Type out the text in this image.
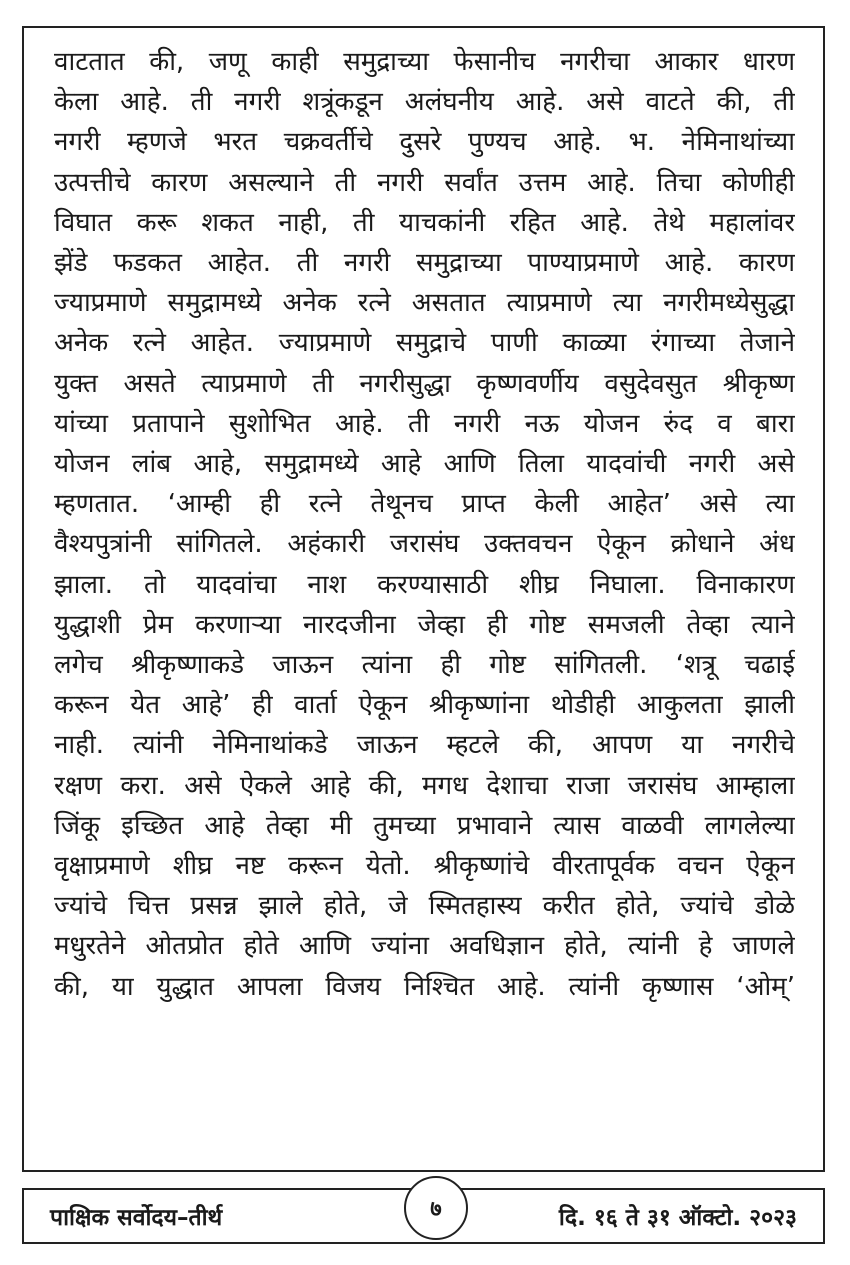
वाटतात की, जणू काही समुद्राच्या फेसानीच नगरीचा आकार धारण
केला आहे. ती नगरी शत्रूंकडून अलंघनीय आहे. असे वाटते की, ती
नगरी म्हणजे भरत चक्रवर्तीचे दुसरे पुण्यच आहे. भ. नेमिनाथांच्या
उत्पत्तीचे कारण असल्याने ती नगरी सर्वांत उत्तम आहे. तिचा कोणीही
विघात करू शकत नाही, ती याचकांनी रहित आहे. तेथे महालांवर
झेंडे फडकत आहेत. ती नगरी समुद्राच्या पाण्याप्रमाणे आहे. कारण
ज्याप्रमाणे समुद्रामध्ये अनेक रत्ने असतात त्याप्रमाणे त्या नगरीमध्येसुद्धा
अनेक रत्ने आहेत. ज्याप्रमाणे समुद्राचे पाणी काळ्या रंगाच्या तेजाने
युक्त असते त्याप्रमाणे ती नगरीसुद्धा कृष्णवर्णीय वसुदेवसुत श्रीकृष्ण
यांच्या प्रतापाने सुशोभित आहे. ती नगरी नऊ योजन रुंद व बारा
योजन लांब आहे, समुद्रामध्ये आहे आणि तिला यादवांची नगरी असे
म्हणतात. ‘आम्ही ही रत्ने तेथूनच प्राप्त केली आहेत’ असे त्या
वैश्यपुत्रांनी सांगितले. अहंकारी जरासंघ उक्तवचन ऐकून क्रोधाने अंध
झाला. तो यादवांचा नाश करण्यासाठी शीघ्र निघाला. विनाकारण
युद्धाशी प्रेम करणाऱ्या नारदजीना जेव्हा ही गोष्ट समजली तेव्हा त्याने
लगेच श्रीकृष्णाकडे जाऊन त्यांना ही गोष्ट सांगितली. ‘शत्रू चढाई
करून येत आहे’ ही वार्ता ऐकून श्रीकृष्णांना थोडीही आकुलता झाली
नाही. त्यांनी नेमिनाथांकडे जाऊन म्हटले की, आपण या नगरीचे
रक्षण करा. असे ऐकले आहे की, मगध देशाचा राजा जरासंघ आम्हाला
जिंकू इच्छित आहे तेव्हा मी तुमच्या प्रभावाने त्यास वाळवी लागलेल्या
वृक्षाप्रमाणे शीघ्र नष्ट करून येतो. श्रीकृष्णांचे वीरतापूर्वक वचन ऐकून
ज्यांचे चित्त प्रसन्न झाले होते, जे स्मितहास्य करीत होते, ज्यांचे डोळे
मधुरतेने ओतप्रोत होते आणि ज्यांना अवधिज्ञान होते, त्यांनी हे जाणले
की, या युद्धात आपला विजय निश्चित आहे. त्यांनी कृष्णास ‘ओम्’
पाक्षिक सर्वोदय–तीर्थ	७	दि. १६ ते ३१ ऑक्टो. २०२३
